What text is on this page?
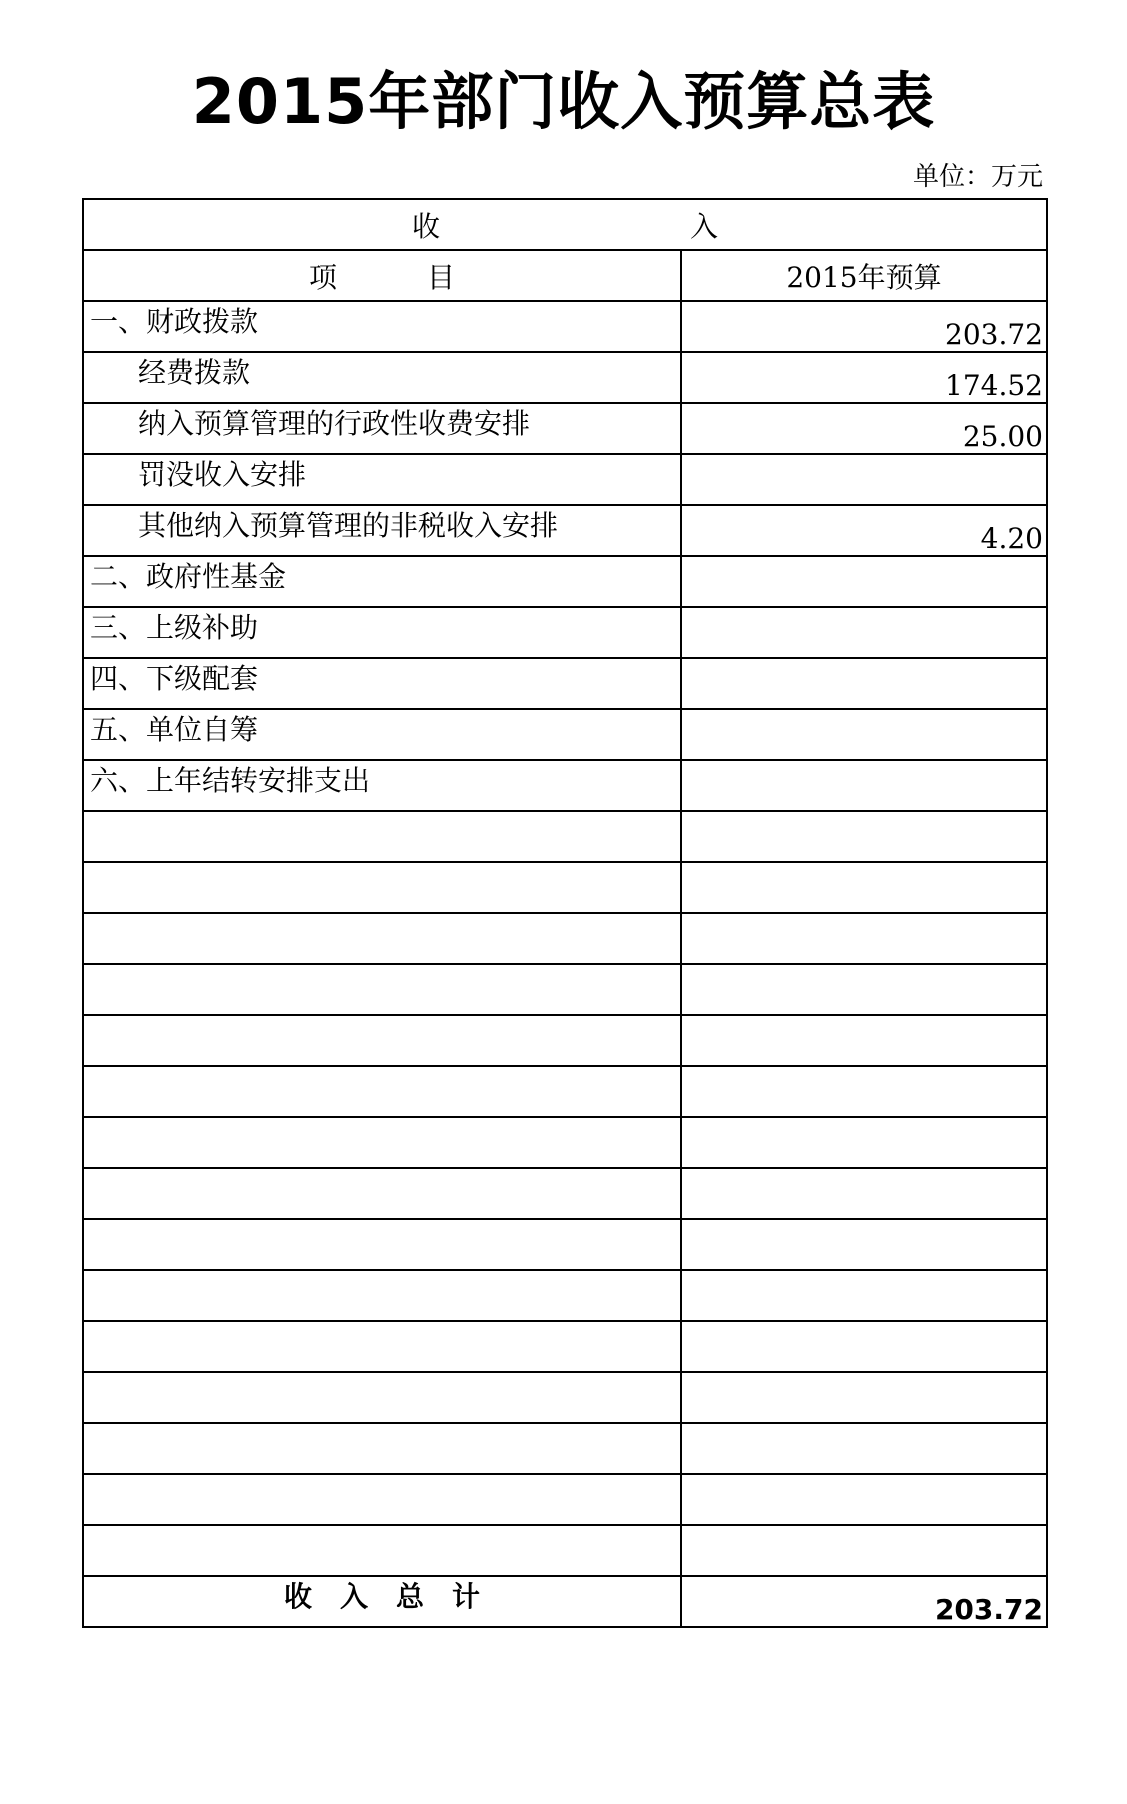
2015年部门收入预算总表
单位：万元
收 入	
项 目	2015年预算
一、财政拨款	203.72
经费拨款	174.52
纳入预算管理的行政性收费安排	25.00
罚没收入安排	
其他纳入预算管理的非税收入安排	4.20
二、政府性基金	
三、上级补助	
四、下级配套	
五、单位自筹	
六、上年结转安排支出	

收 入 总 计	203.72
